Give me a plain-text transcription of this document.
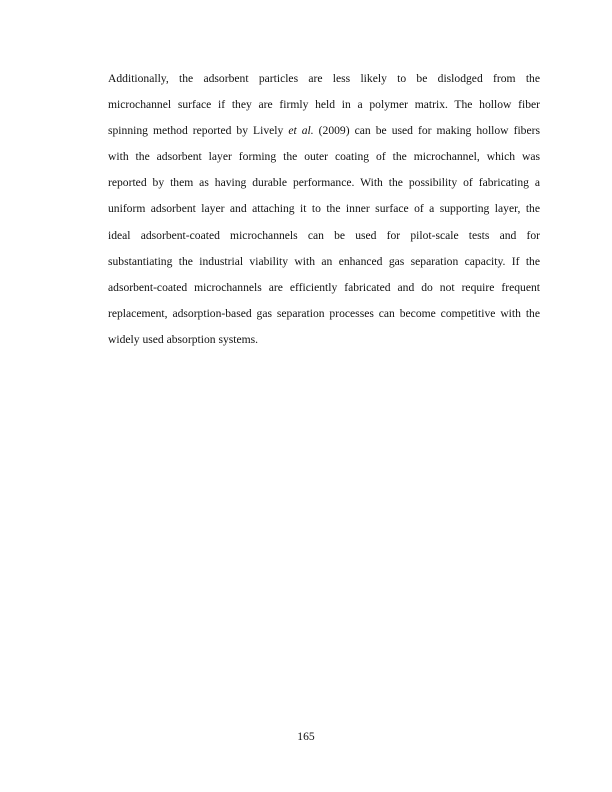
Additionally, the adsorbent particles are less likely to be dislodged from the
microchannel surface if they are firmly held in a polymer matrix. The hollow fiber
spinning method reported by Lively et al. (2009) can be used for making hollow fibers
with the adsorbent layer forming the outer coating of the microchannel, which was
reported by them as having durable performance. With the possibility of fabricating a
uniform adsorbent layer and attaching it to the inner surface of a supporting layer, the
ideal adsorbent-coated microchannels can be used for pilot-scale tests and for
substantiating the industrial viability with an enhanced gas separation capacity. If the
adsorbent-coated microchannels are efficiently fabricated and do not require frequent
replacement, adsorption-based gas separation processes can become competitive with the
widely used absorption systems.
165
